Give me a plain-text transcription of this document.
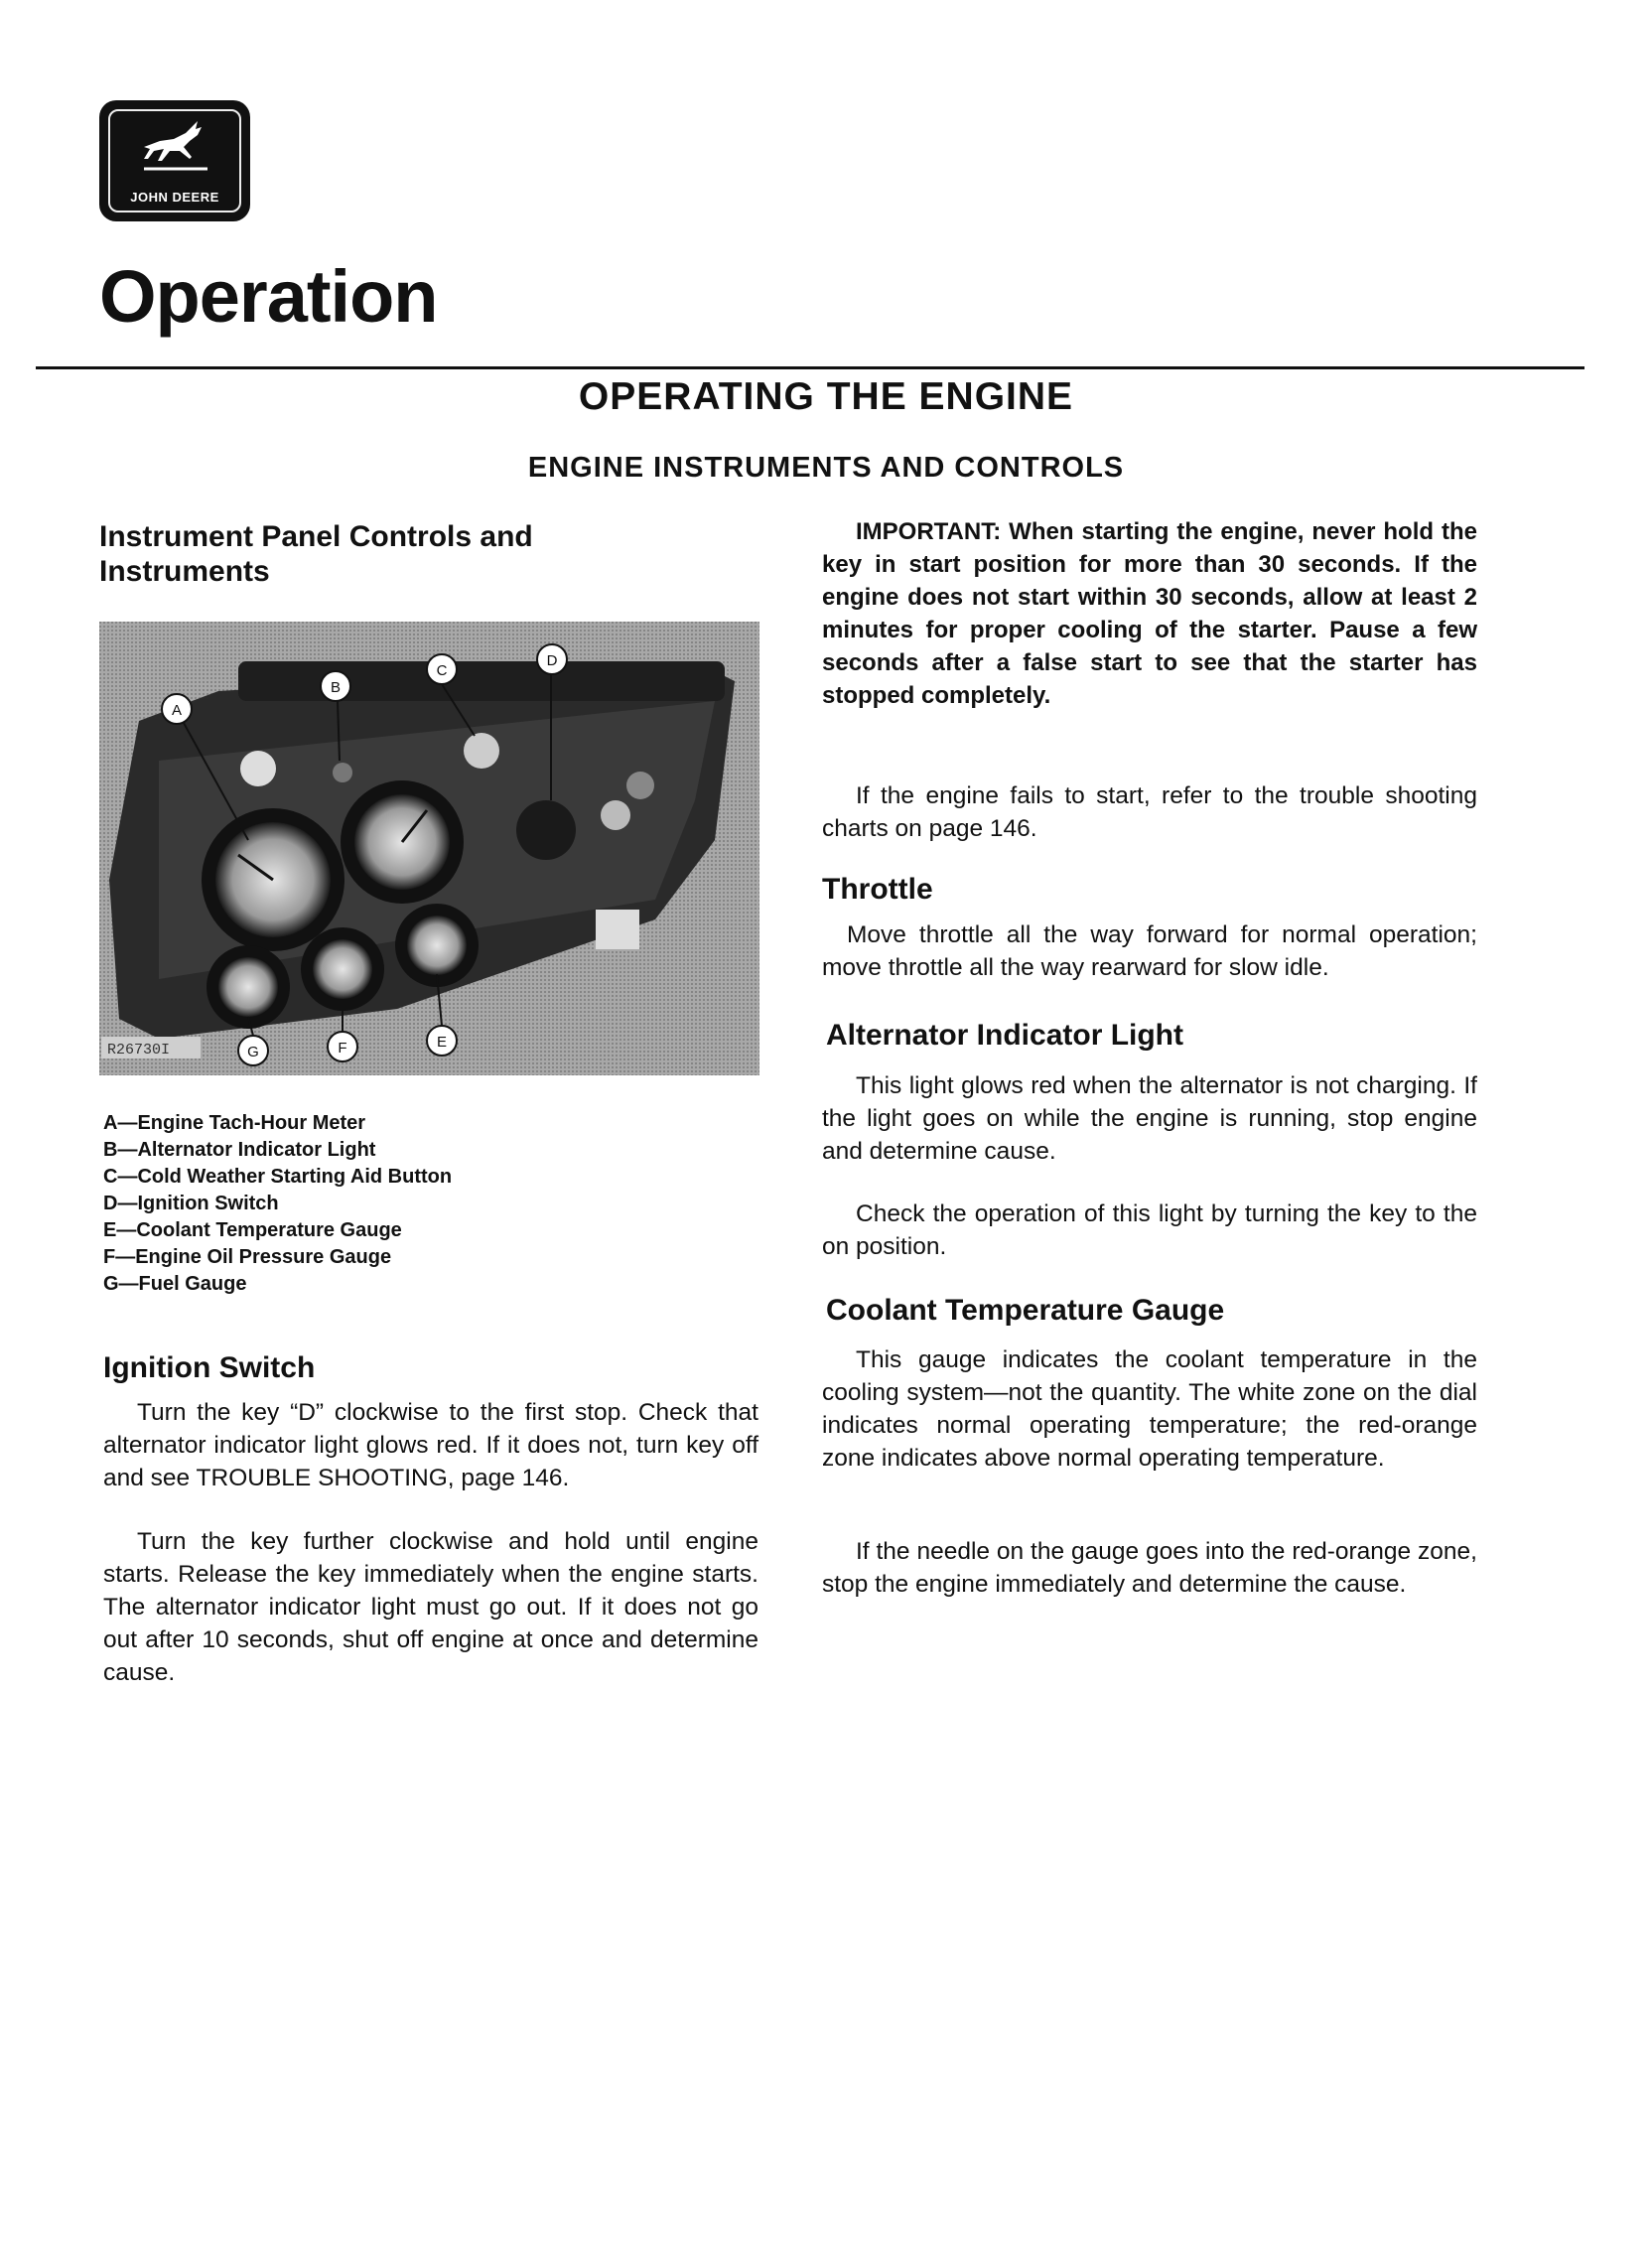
JOHN DEERE
Operation
OPERATING THE ENGINE
ENGINE INSTRUMENTS AND CONTROLS
Instrument Panel Controls and Instruments
A
B
C
D
E
F
G
R26730I
A—Engine Tach-Hour Meter
B—Alternator Indicator Light
C—Cold Weather Starting Aid Button
D—Ignition Switch
E—Coolant Temperature Gauge
F—Engine Oil Pressure Gauge
G—Fuel Gauge
Ignition Switch
Turn the key “D” clockwise to the first stop. Check that alternator indicator light glows red. If it does not, turn key off and see TROUBLE SHOOTING, page 146.
Turn the key further clockwise and hold until engine starts. Release the key immediately when the engine starts. The alternator indicator light must go out. If it does not go out after 10 seconds, shut off engine at once and determine cause.
IMPORTANT: When starting the engine, never hold the key in start position for more than 30 seconds. If the engine does not start within 30 seconds, allow at least 2 minutes for proper cooling of the starter. Pause a few seconds after a false start to see that the starter has stopped completely.
If the engine fails to start, refer to the trouble shooting charts on page 146.
Throttle
Move throttle all the way forward for normal operation; move throttle all the way rearward for slow idle.
Alternator Indicator Light
This light glows red when the alternator is not charging. If the light goes on while the engine is running, stop engine and determine cause.
Check the operation of this light by turning the key to the on position.
Coolant Temperature Gauge
This gauge indicates the coolant temperature in the cooling system—not the quantity. The white zone on the dial indicates normal operating temperature; the red-orange zone indicates above normal operating temperature.
If the needle on the gauge goes into the red-orange zone, stop the engine immediately and determine the cause.
